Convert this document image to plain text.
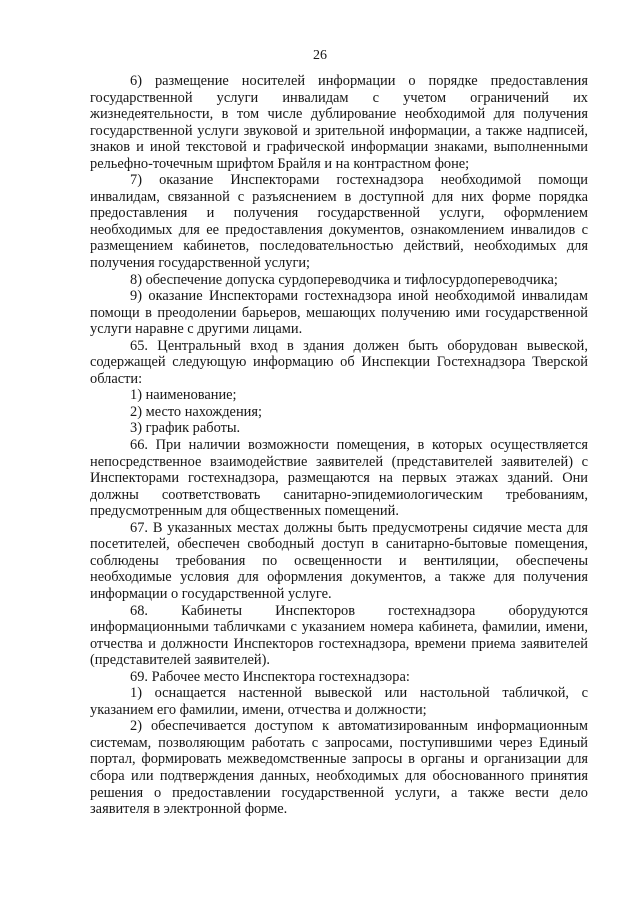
26

6) размещение носителей информации о порядке предоставления государственной услуги инвалидам с учетом ограничений их жизнедеятельности, в том числе дублирование необходимой для получения государственной услуги звуковой и зрительной информации, а также надписей, знаков и иной текстовой и графической информации знаками, выполненными рельефно-точечным шрифтом Брайля и на контрастном фоне;

7) оказание Инспекторами гостехнадзора необходимой помощи инвалидам, связанной с разъяснением в доступной для них форме порядка предоставления и получения государственной услуги, оформлением необходимых для ее предоставления документов, ознакомлением инвалидов с размещением кабинетов, последовательностью действий, необходимых для получения государственной услуги;

8) обеспечение допуска сурдопереводчика и тифлосурдопереводчика;

9) оказание Инспекторами гостехнадзора иной необходимой инвалидам помощи в преодолении барьеров, мешающих получению ими государственной услуги наравне с другими лицами.

65. Центральный вход в здания должен быть оборудован вывеской, содержащей следующую информацию об Инспекции Гостехнадзора Тверской области:

1) наименование;

2) место нахождения;

3) график работы.

66. При наличии возможности помещения, в которых осуществляется непосредственное взаимодействие заявителей (представителей заявителей) с Инспекторами гостехнадзора, размещаются на первых этажах зданий. Они должны соответствовать санитарно-эпидемиологическим требованиям, предусмотренным для общественных помещений.

67. В указанных местах должны быть предусмотрены сидячие места для посетителей, обеспечен свободный доступ в санитарно-бытовые помещения, соблюдены требования по освещенности и вентиляции, обеспечены необходимые условия для оформления документов, а также для получения информации о государственной услуге.

68. Кабинеты Инспекторов гостехнадзора оборудуются информационными табличками с указанием номера кабинета, фамилии, имени, отчества и должности Инспекторов гостехнадзора, времени приема заявителей (представителей заявителей).

69. Рабочее место Инспектора гостехнадзора:

1) оснащается настенной вывеской или настольной табличкой, с указанием его фамилии, имени, отчества и должности;

2) обеспечивается доступом к автоматизированным информационным системам, позволяющим работать с запросами, поступившими через Единый портал, формировать межведомственные запросы в органы и организации для сбора или подтверждения данных, необходимых для обоснованного принятия решения о предоставлении государственной услуги, а также вести дело заявителя в электронной форме.
